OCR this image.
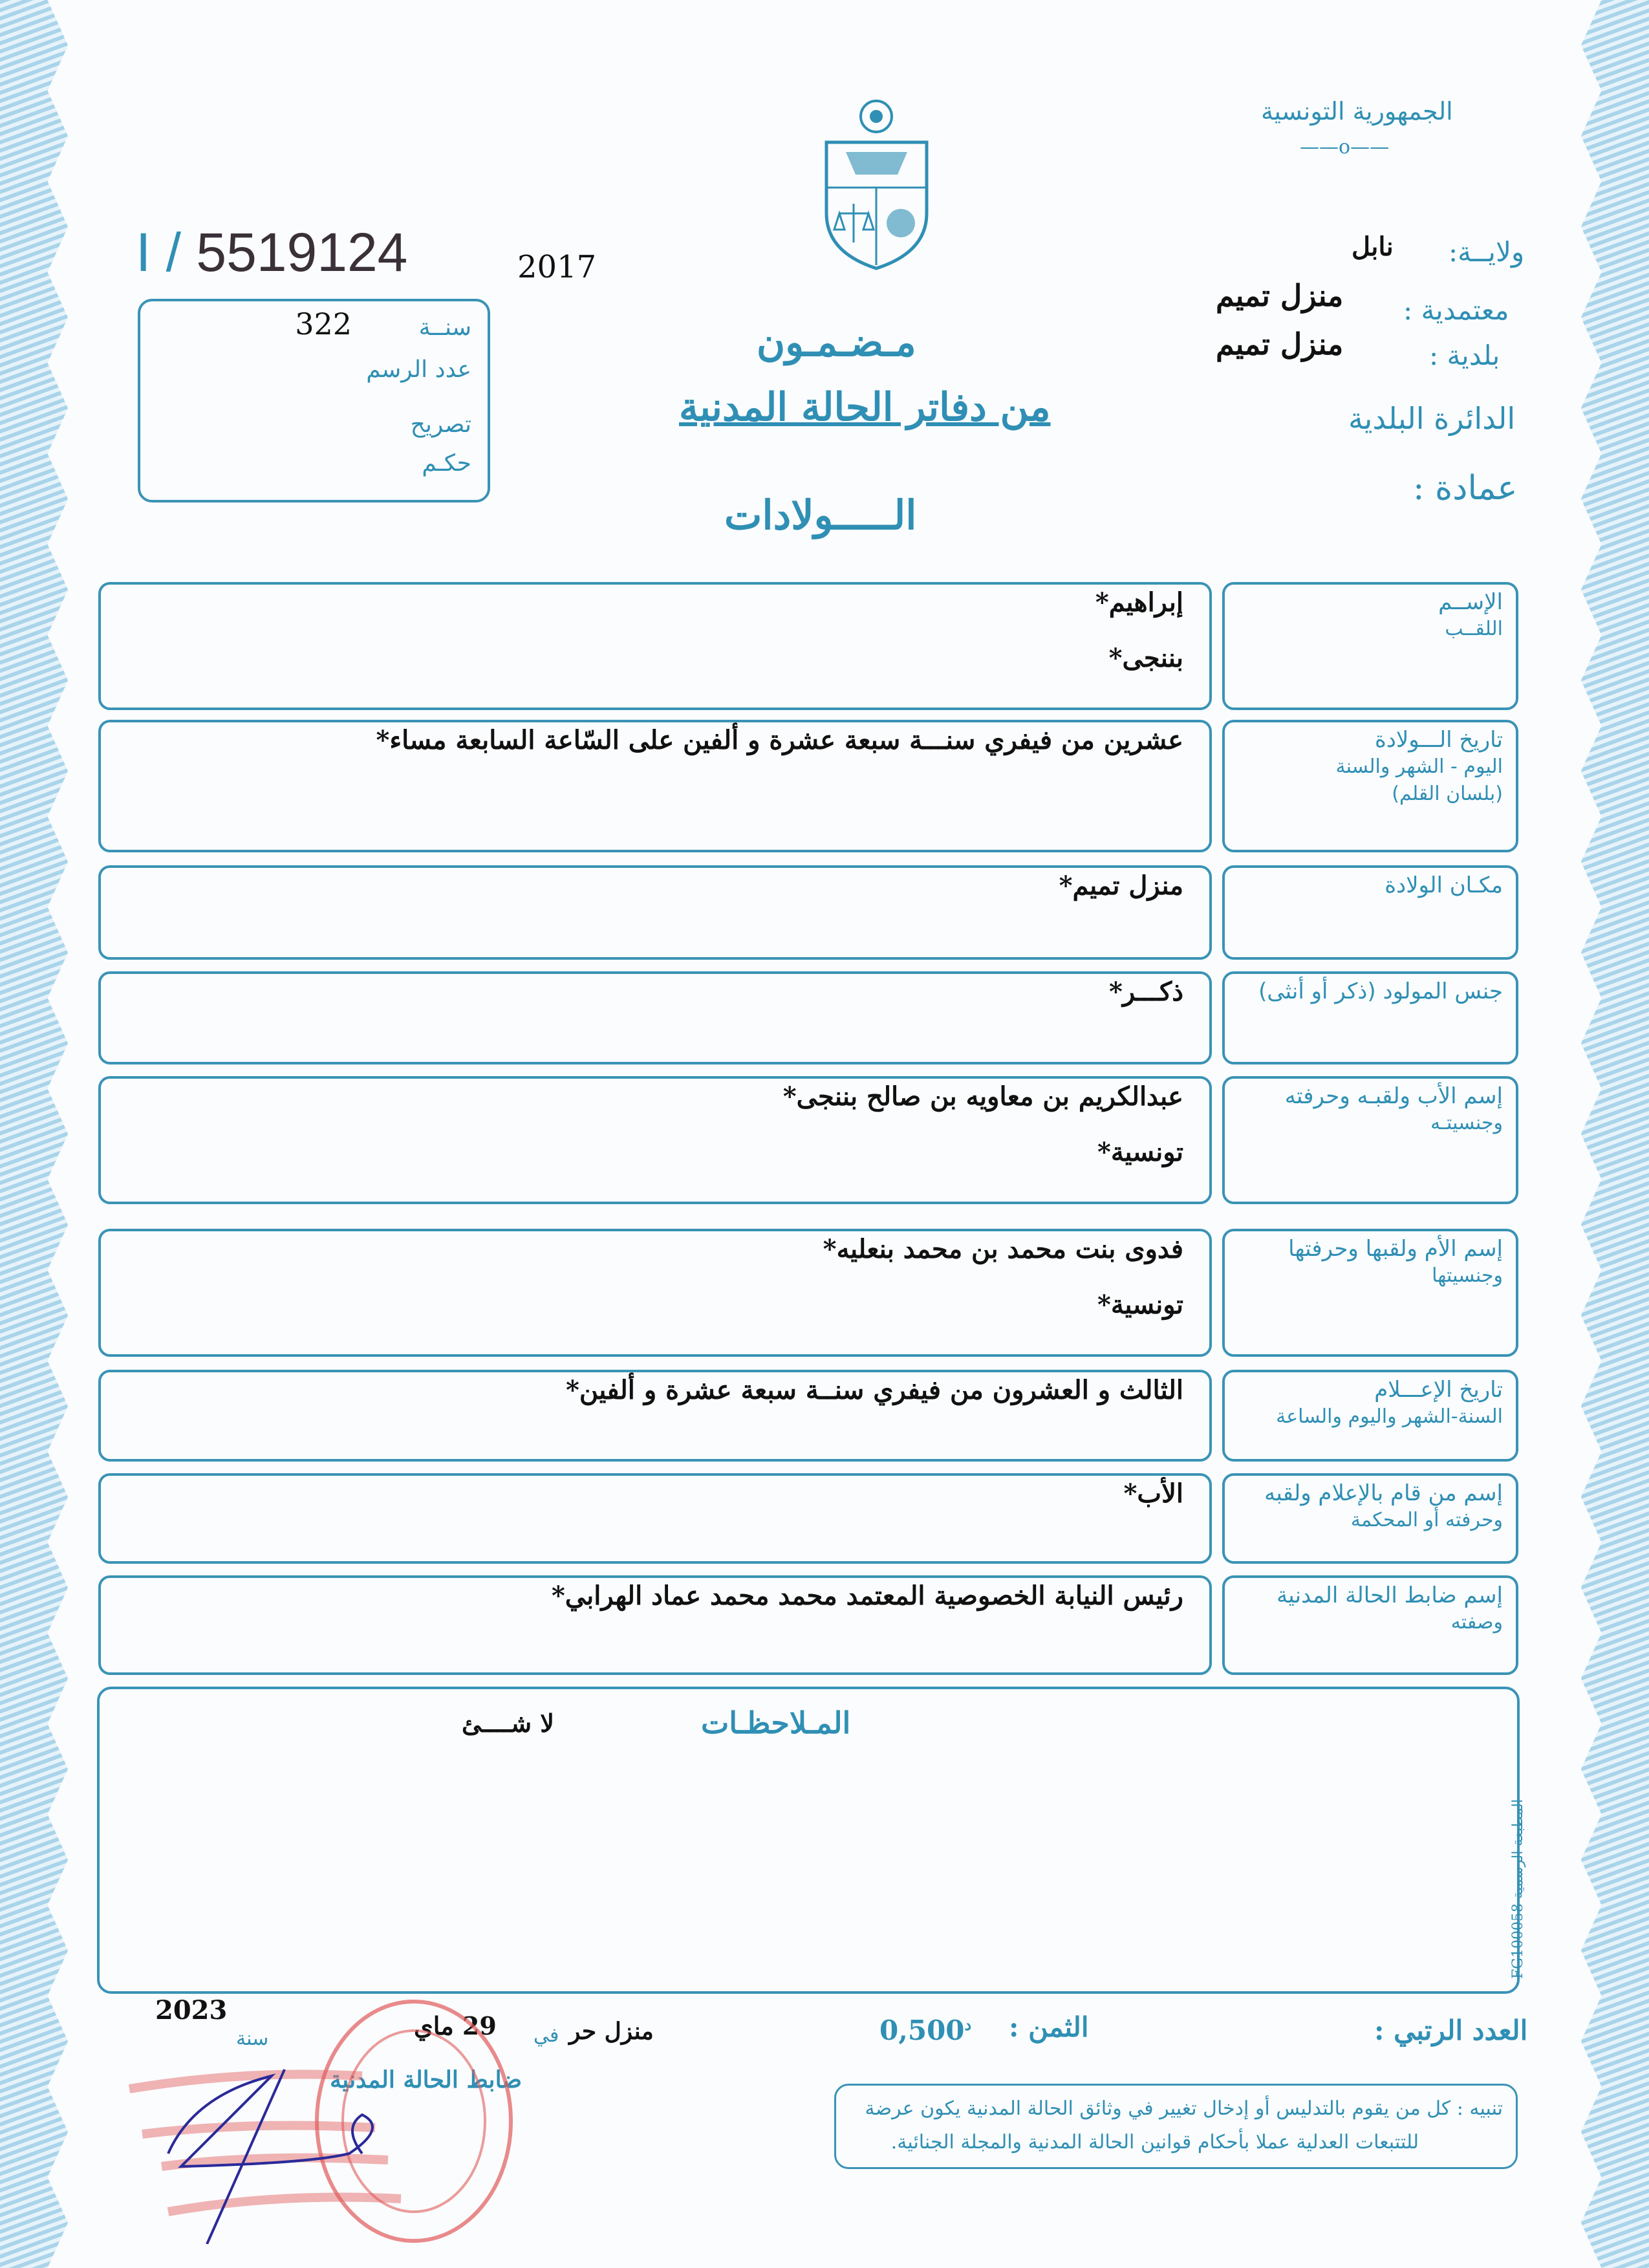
الجمهورية التونسية
——o——
ولايــة:
نابل
معتمدية :
منزل تميم
بلدية :
منزل تميم
الدائرة البلدية
عمادة :
I / 5519124	2017
سنــة
322
عدد الرسم
تصريح
حكـم
مـضـمـون
من دفاتر الحالة المدنية
الـــــولادات
إبراهيم*
بننجى*
الإســم
اللقــب
عشرين من فيفري سنـــة سبعة عشرة و ألفين على السّاعة السابعة مساء*	تاريخ الـــولادة
اليوم - الشهر والسنة
(بلسان القلم)
منزل تميم*	مكـان الولادة
ذكـــر*	جنس المولود (ذكر أو أنثى)
عبدالكريم بن معاويه بن صالح بننجى*
تونسية*
إسم الأب ولقبـه وحرفته
وجنسيتـه
فدوى بنت محمد بن محمد بنعليه*
تونسية*
إسم الأم ولقبها وحرفتها
وجنسيتها
الثالث و العشرون من فيفري سنــة سبعة عشرة و ألفين*	تاريخ الإعـــلام
السنة-الشهر واليوم والساعة
الأب*	إسم من قام بالإعلام ولقبه
وحرفته أو المحكمة
رئيس النيابة الخصوصية المعتمد محمد محمد عماد الهرابي*	إسم ضابط الحالة المدنية
وصفته
المـلاحظـات
لا شــــئ
المطبعة الرسمية FG100058
العدد الرتبي :
الثمن :
$0,500^د$
منزل حر
في
29 ماي
سنة
2023
ضابط الحالة المدنية
تنبيه : كل من يقوم بالتدليس أو إدخال تغيير في وثائق الحالة المدنية يكون عرضة
للتتبعات العدلية عملا بأحكام قوانين الحالة المدنية والمجلة الجنائية.
